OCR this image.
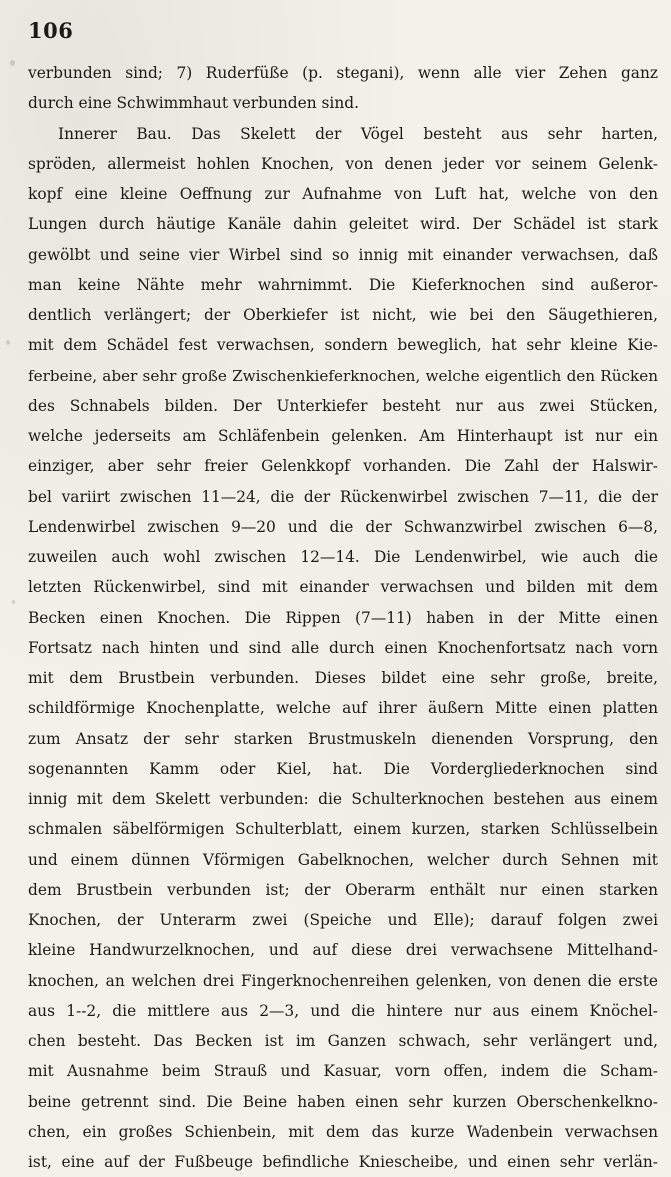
106
verbunden sind; 7) Ruderfüße (p. stegani), wenn alle vier Zehen ganz
durch eine Schwimmhaut verbunden sind.
Innerer Bau. Das Skelett der Vögel besteht aus sehr harten,
spröden, allermeist hohlen Knochen, von denen jeder vor seinem Gelenk-
kopf eine kleine Oeffnung zur Aufnahme von Luft hat, welche von den
Lungen durch häutige Kanäle dahin geleitet wird. Der Schädel ist stark
gewölbt und seine vier Wirbel sind so innig mit einander verwachsen, daß
man keine Nähte mehr wahrnimmt. Die Kieferknochen sind außeror-
dentlich verlängert; der Oberkiefer ist nicht, wie bei den Säugethieren,
mit dem Schädel fest verwachsen, sondern beweglich, hat sehr kleine Kie-
ferbeine, aber sehr große Zwischenkieferknochen, welche eigentlich den Rücken
des Schnabels bilden. Der Unterkiefer besteht nur aus zwei Stücken,
welche jederseits am Schläfenbein gelenken. Am Hinterhaupt ist nur ein
einziger, aber sehr freier Gelenkkopf vorhanden. Die Zahl der Halswir-
bel variirt zwischen 11—24, die der Rückenwirbel zwischen 7—11, die der
Lendenwirbel zwischen 9—20 und die der Schwanzwirbel zwischen 6—8,
zuweilen auch wohl zwischen 12—14. Die Lendenwirbel, wie auch die
letzten Rückenwirbel, sind mit einander verwachsen und bilden mit dem
Becken einen Knochen. Die Rippen (7—11) haben in der Mitte einen
Fortsatz nach hinten und sind alle durch einen Knochenfortsatz nach vorn
mit dem Brustbein verbunden. Dieses bildet eine sehr große, breite,
schildförmige Knochenplatte, welche auf ihrer äußern Mitte einen platten
zum Ansatz der sehr starken Brustmuskeln dienenden Vorsprung, den
sogenannten Kamm oder Kiel, hat. Die Vordergliederknochen sind
innig mit dem Skelett verbunden: die Schulterknochen bestehen aus einem
schmalen säbelförmigen Schulterblatt, einem kurzen, starken Schlüsselbein
und einem dünnen Vförmigen Gabelknochen, welcher durch Sehnen mit
dem Brustbein verbunden ist; der Oberarm enthält nur einen starken
Knochen, der Unterarm zwei (Speiche und Elle); darauf folgen zwei
kleine Handwurzelknochen, und auf diese drei verwachsene Mittelhand-
knochen, an welchen drei Fingerknochenreihen gelenken, von denen die erste
aus 1--2, die mittlere aus 2—3, und die hintere nur aus einem Knöchel-
chen besteht. Das Becken ist im Ganzen schwach, sehr verlängert und,
mit Ausnahme beim Strauß und Kasuar, vorn offen, indem die Scham-
beine getrennt sind. Die Beine haben einen sehr kurzen Oberschenkelkno-
chen, ein großes Schienbein, mit dem das kurze Wadenbein verwachsen
ist, eine auf der Fußbeuge befindliche Kniescheibe, und einen sehr verlän-
